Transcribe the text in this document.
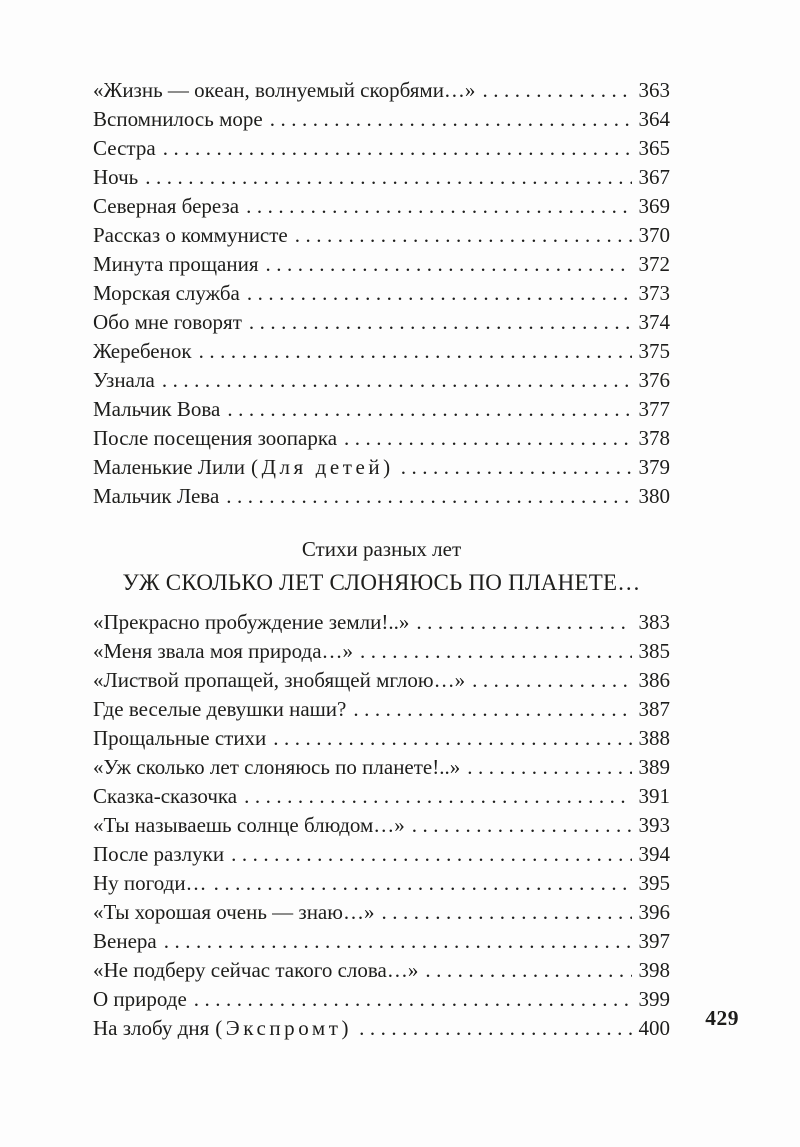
«Жизнь — океан, волнуемый скорбями…» .....	363
Вспомнилось море .....	364
Сестра .....	365
Ночь .....	367
Северная береза .....	369
Рассказ о коммунисте .....	370
Минута прощания .....	372
Морская служба .....	373
Обо мне говорят .....	374
Жеребенок .....	375
Узнала .....	376
Мальчик Вова .....	377
После посещения зоопарка .....	378
Маленькие Лили (Для детей) .....	379
Мальчик Лева .....	380
Стихи разных лет
УЖ СКОЛЬКО ЛЕТ СЛОНЯЮСЬ ПО ПЛАНЕТЕ…
«Прекрасно пробуждение земли!..» .....	383
«Меня звала моя природа…» .....	385
«Листвой пропащей, знобящей мглою…» .....	386
Где веселые девушки наши? .....	387
Прощальные стихи .....	388
«Уж сколько лет слоняюсь по планете!..» .....	389
Сказка-сказочка .....	391
«Ты называешь солнце блюдом…» .....	393
После разлуки .....	394
Ну погоди… .....	395
«Ты хорошая очень — знаю…» .....	396
Венера .....	397
«Не подберу сейчас такого слова…» .....	398
О природе .....	399
На злобу дня (Экспромт) .....	400 429
